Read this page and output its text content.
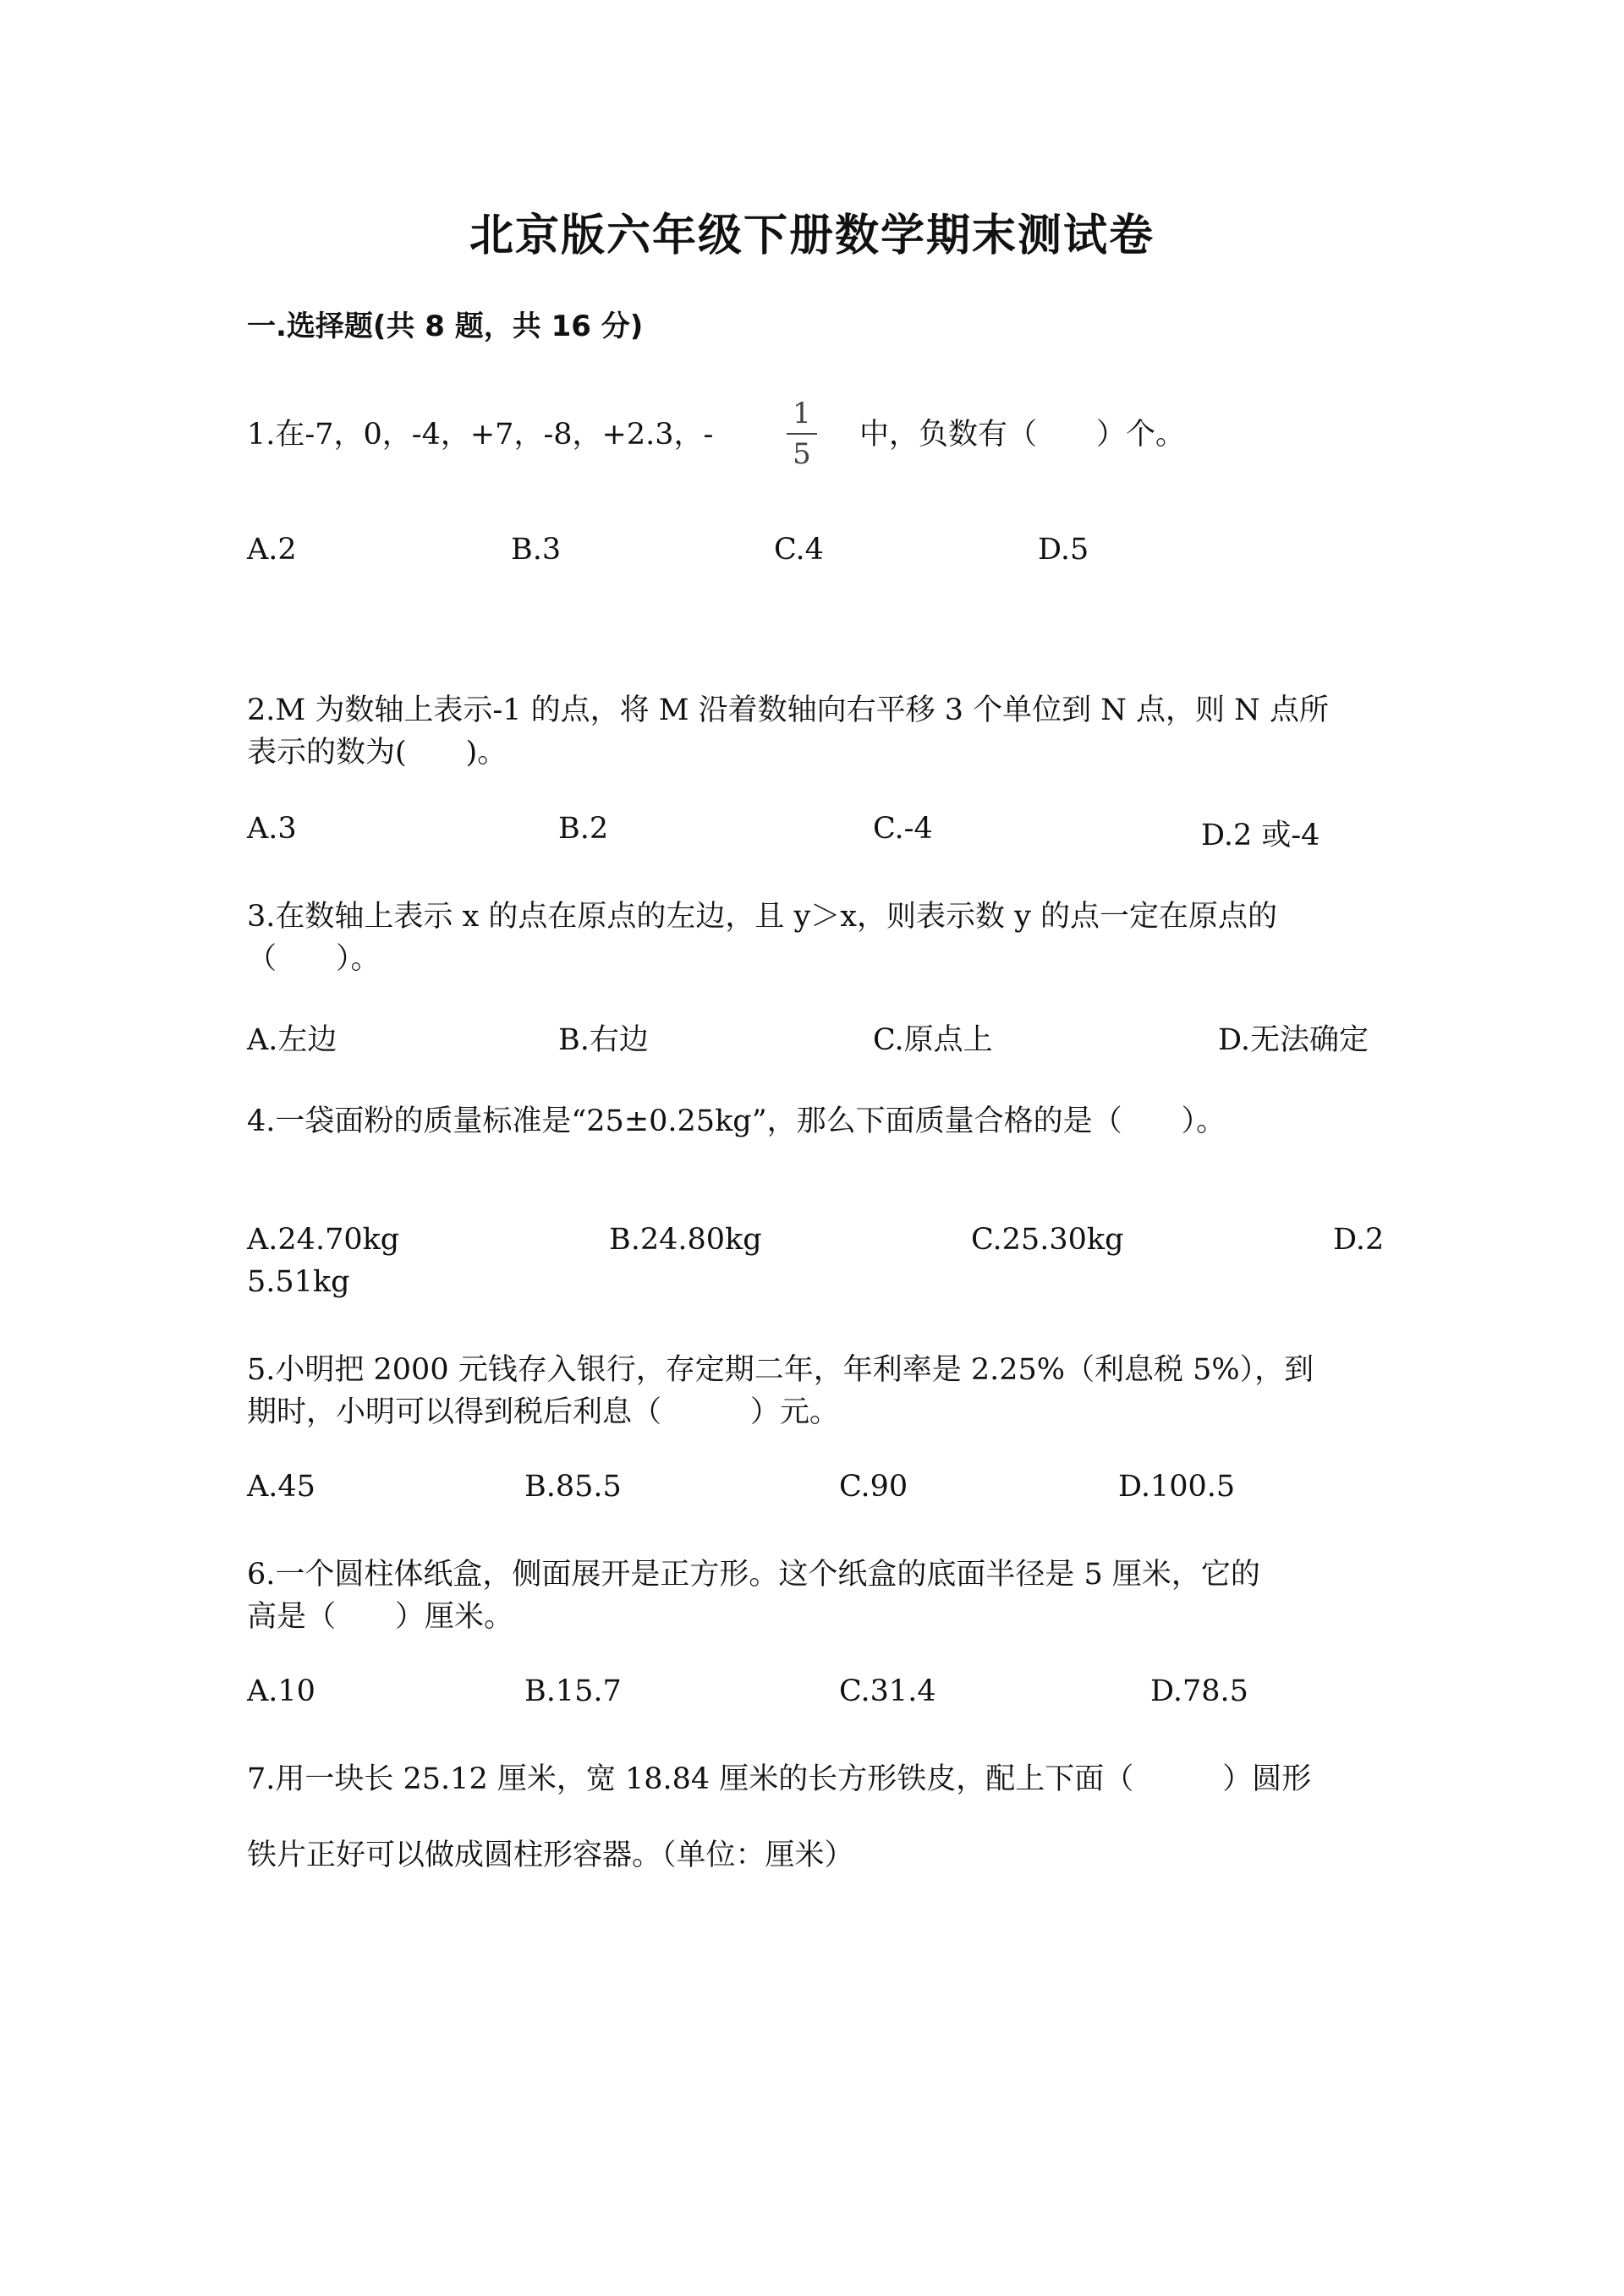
北京版六年级下册数学期末测试卷
一.选择题(共 8 题，共 16 分)
1.在-7，0，-4，+7，-8，+2.3，-
1
5
中，负数有（　　）个。
A.2	B.3	C.4	D.5
2.M 为数轴上表示-1 的点，将 M 沿着数轴向右平移 3 个单位到 N 点，则 N 点所
表示的数为(　　)。
A.3	B.2	C.-4	D.2 或-4
3.在数轴上表示 x 的点在原点的左边，且 y＞x，则表示数 y 的点一定在原点的
（　　）。
A.左边	B.右边	C.原点上	D.无法确定
4.一袋面粉的质量标准是“25±0.25kg”，那么下面质量合格的是（　　）。
A.24.70kg	B.24.80kg	C.25.30kg	D.2
5.51kg
5.小明把 2000 元钱存入银行，存定期二年，年利率是 2.25%（利息税 5%），到
期时，小明可以得到税后利息（　　　）元。
A.45	B.85.5	C.90	D.100.5
6.一个圆柱体纸盒，侧面展开是正方形。这个纸盒的底面半径是 5 厘米，它的
高是（　　）厘米。
A.10	B.15.7	C.31.4	D.78.5
7.用一块长 25.12 厘米，宽 18.84 厘米的长方形铁皮，配上下面（　　　）圆形
铁片正好可以做成圆柱形容器。（单位：厘米）
